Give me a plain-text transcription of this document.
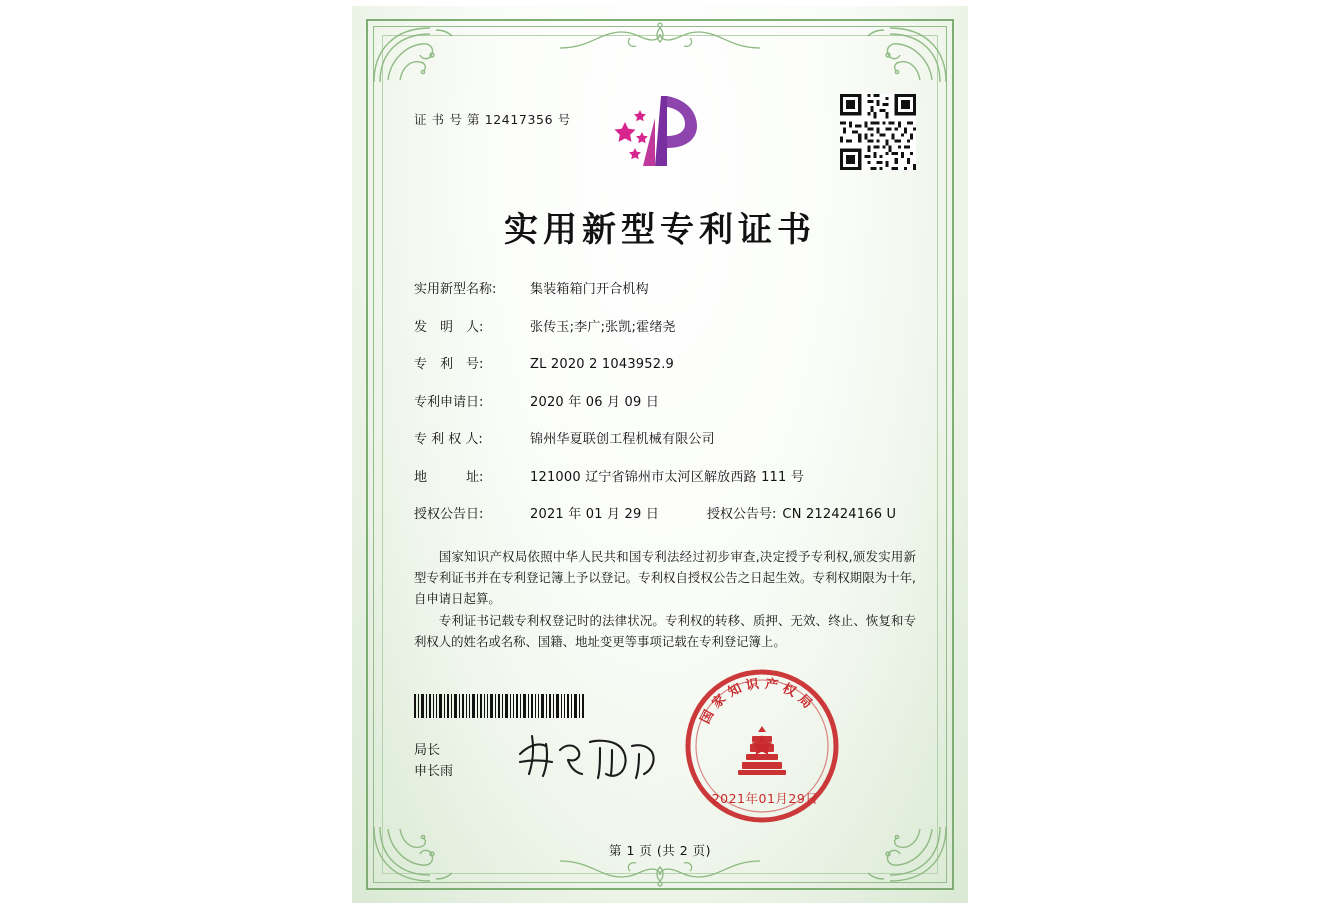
证 书 号 第 12417356 号
实用新型专利证书
实用新型名称:	集装箱箱门开合机构
发　明　人:	张传玉;李广;张凯;霍绪尧
专　利　号:	ZL 2020 2 1043952.9
专利申请日:	2020 年 06 月 09 日
专 利 权 人:	锦州华夏联创工程机械有限公司
地　　　址:	121000 辽宁省锦州市太河区解放西路 111 号
授权公告日:	2021 年 01 月 29 日	授权公告号: CN 212424166 U
国家知识产权局依照中华人民共和国专利法经过初步审查,决定授予专利权,颁发实用新型专利证书并在专利登记簿上予以登记。专利权自授权公告之日起生效。专利权期限为十年,自申请日起算。
专利证书记载专利权登记时的法律状况。专利权的转移、质押、无效、终止、恢复和专利权人的姓名或名称、国籍、地址变更等事项记载在专利登记簿上。
局长
申长雨
国
家
知 识 产 权
局
2021年01月29日
第 1 页 (共 2 页)
